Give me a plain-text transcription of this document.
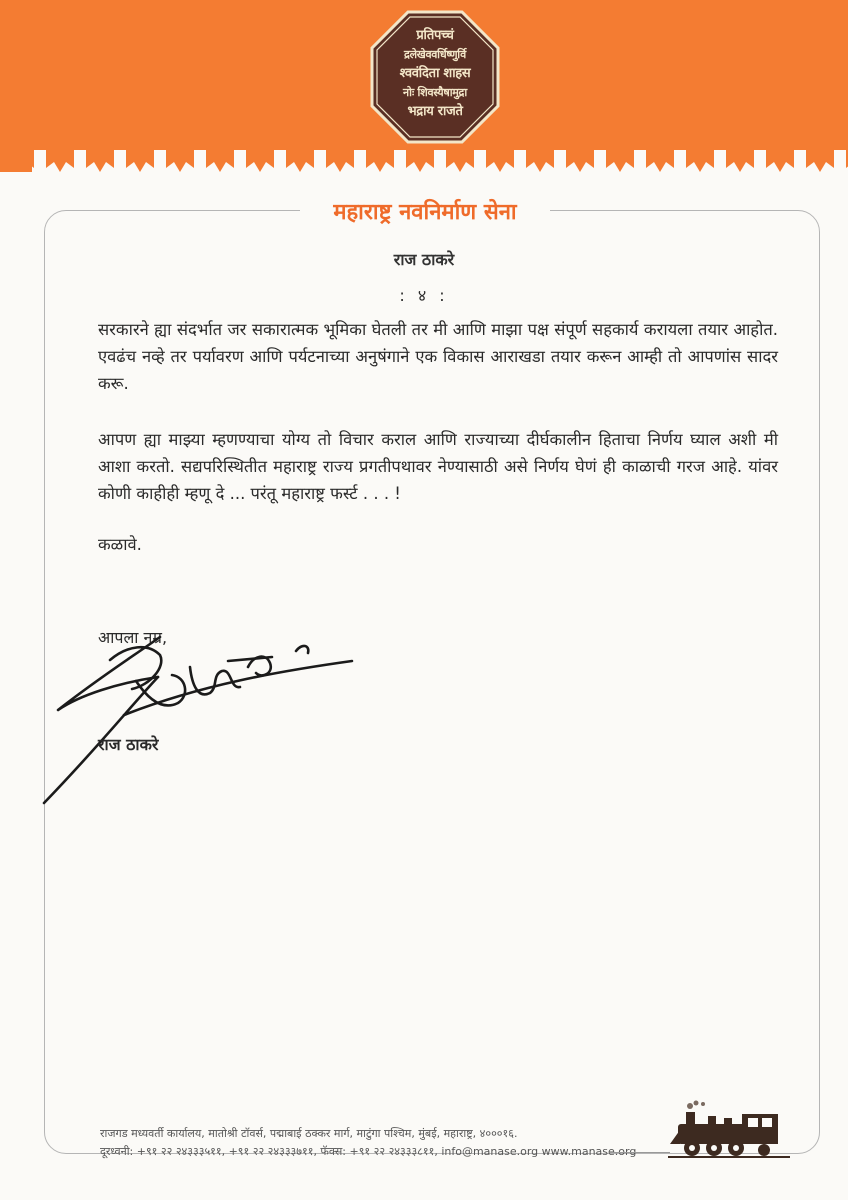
प्रतिपच्चं
द्रलेखेववर्धिष्णुर्वि
श्ववंदिता शाहस
नोः शिवस्यैषामुद्रा
भद्राय राजते
महाराष्ट्र नवनिर्माण सेना
राज ठाकरे
: ४ :

सरकारने ह्या संदर्भात जर सकारात्मक भूमिका घेतली तर मी आणि माझा पक्ष संपूर्ण सहकार्य करायला तयार आहोत. एवढंच नव्हे तर पर्यावरण आणि पर्यटनाच्या अनुषंगाने एक विकास आराखडा तयार करून आम्ही तो आपणांस सादर करू.

आपण ह्या माझ्या म्हणण्याचा योग्य तो विचार कराल आणि राज्याच्या दीर्घकालीन हिताचा निर्णय घ्याल अशी मी आशा करतो. सद्यपरिस्थितीत महाराष्ट्र राज्य प्रगतीपथावर नेण्यासाठी असे निर्णय घेणं ही काळाची गरज आहे. यांवर कोणी काहीही म्हणू दे ... परंतू महाराष्ट्र फर्स्ट . . . !

कळावे.
आपला नम्र,
राज ठाकरे
राजगड मध्यवर्ती कार्यालय, मातोश्री टॉवर्स, पद्माबाई ठक्कर मार्ग, माटुंगा पश्चिम, मुंबई, महाराष्ट्र, ४०००१६.
दूरध्वनी: +९१ २२ २४३३३५११, +९१ २२ २४३३३७११, फॅक्स: +९१ २२ २४३३३८११, info@manase.org www.manase.org
